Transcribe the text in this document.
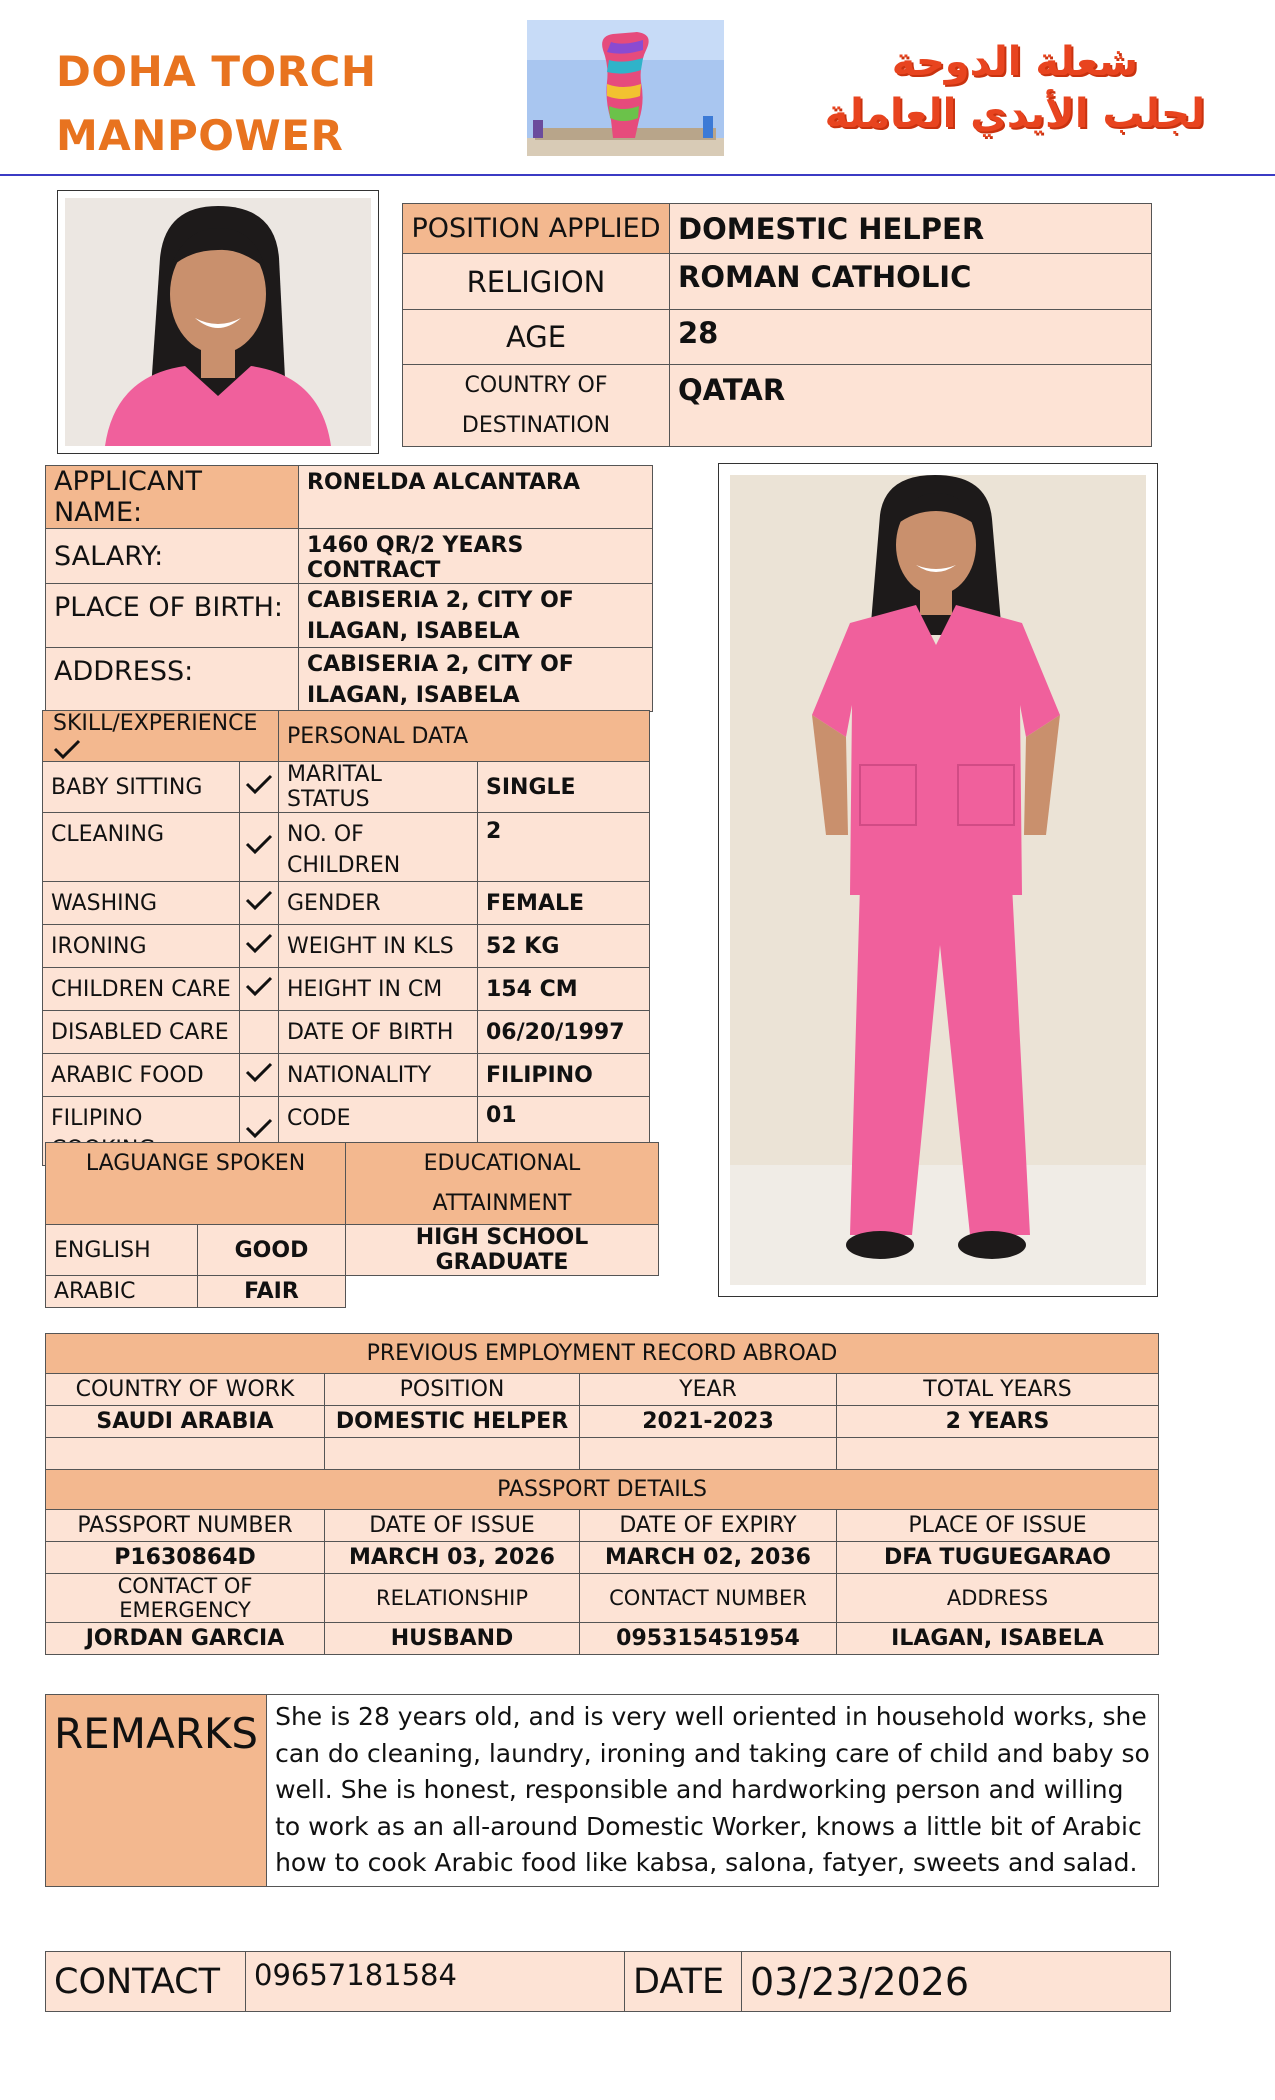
DOHA TORCH
MANPOWER
شعلة الدوحة
لجلب الأيدي العاملة
POSITION APPLIED	DOMESTIC HELPER
RELIGION	ROMAN CATHOLIC
AGE	28
COUNTRY OF DESTINATION	QATAR
APPLICANT NAME:	RONELDA ALCANTARA
SALARY:	1460 QR/2 YEARS CONTRACT
PLACE OF BIRTH:	CABISERIA 2, CITY OF ILAGAN, ISABELA
ADDRESS:	CABISERIA 2, CITY OF ILAGAN, ISABELA
SKILL/EXPERIENCE		PERSONAL DATA	
BABY SITTING		MARITAL STATUS	SINGLE
CLEANING		NO. OF CHILDREN	2
WASHING		GENDER	FEMALE
IRONING		WEIGHT IN KLS	52 KG
CHILDREN CARE		HEIGHT IN CM	154 CM
DISABLED CARE		DATE OF BIRTH	06/20/1997
ARABIC FOOD		NATIONALITY	FILIPINO
FILIPINO		CODE	01
LAGUANGE SPOKEN		EDUCATIONAL ATTAINMENT
ENGLISH	GOOD	HIGH SCHOOL GRADUATE
ARABIC	FAIR	
PREVIOUS EMPLOYMENT RECORD ABROAD			
COUNTRY OF WORK	POSITION	YEAR	TOTAL YEARS
SAUDI ARABIA	DOMESTIC HELPER	2021-2023	2 YEARS

PASSPORT DETAILS			
PASSPORT NUMBER	DATE OF ISSUE	DATE OF EXPIRY	PLACE OF ISSUE
P1630864D	MARCH 03, 2026	MARCH 02, 2036	DFA TUGUEGARAO
CONTACT OF EMERGENCY	RELATIONSHIP	CONTACT NUMBER	ADDRESS
JORDAN GARCIA	HUSBAND	095315451954	ILAGAN, ISABELA
REMARKS	She is 28 years old, and is very well oriented in household works, she can do cleaning, laundry, ironing and taking care of child and baby so well. She is honest, responsible and hardworking person and willing to work as an all-around Domestic Worker, knows a little bit of Arabic how to cook Arabic food like kabsa, salona, fatyer, sweets and salad.
CONTACT	09657181584	DATE	03/23/2026
